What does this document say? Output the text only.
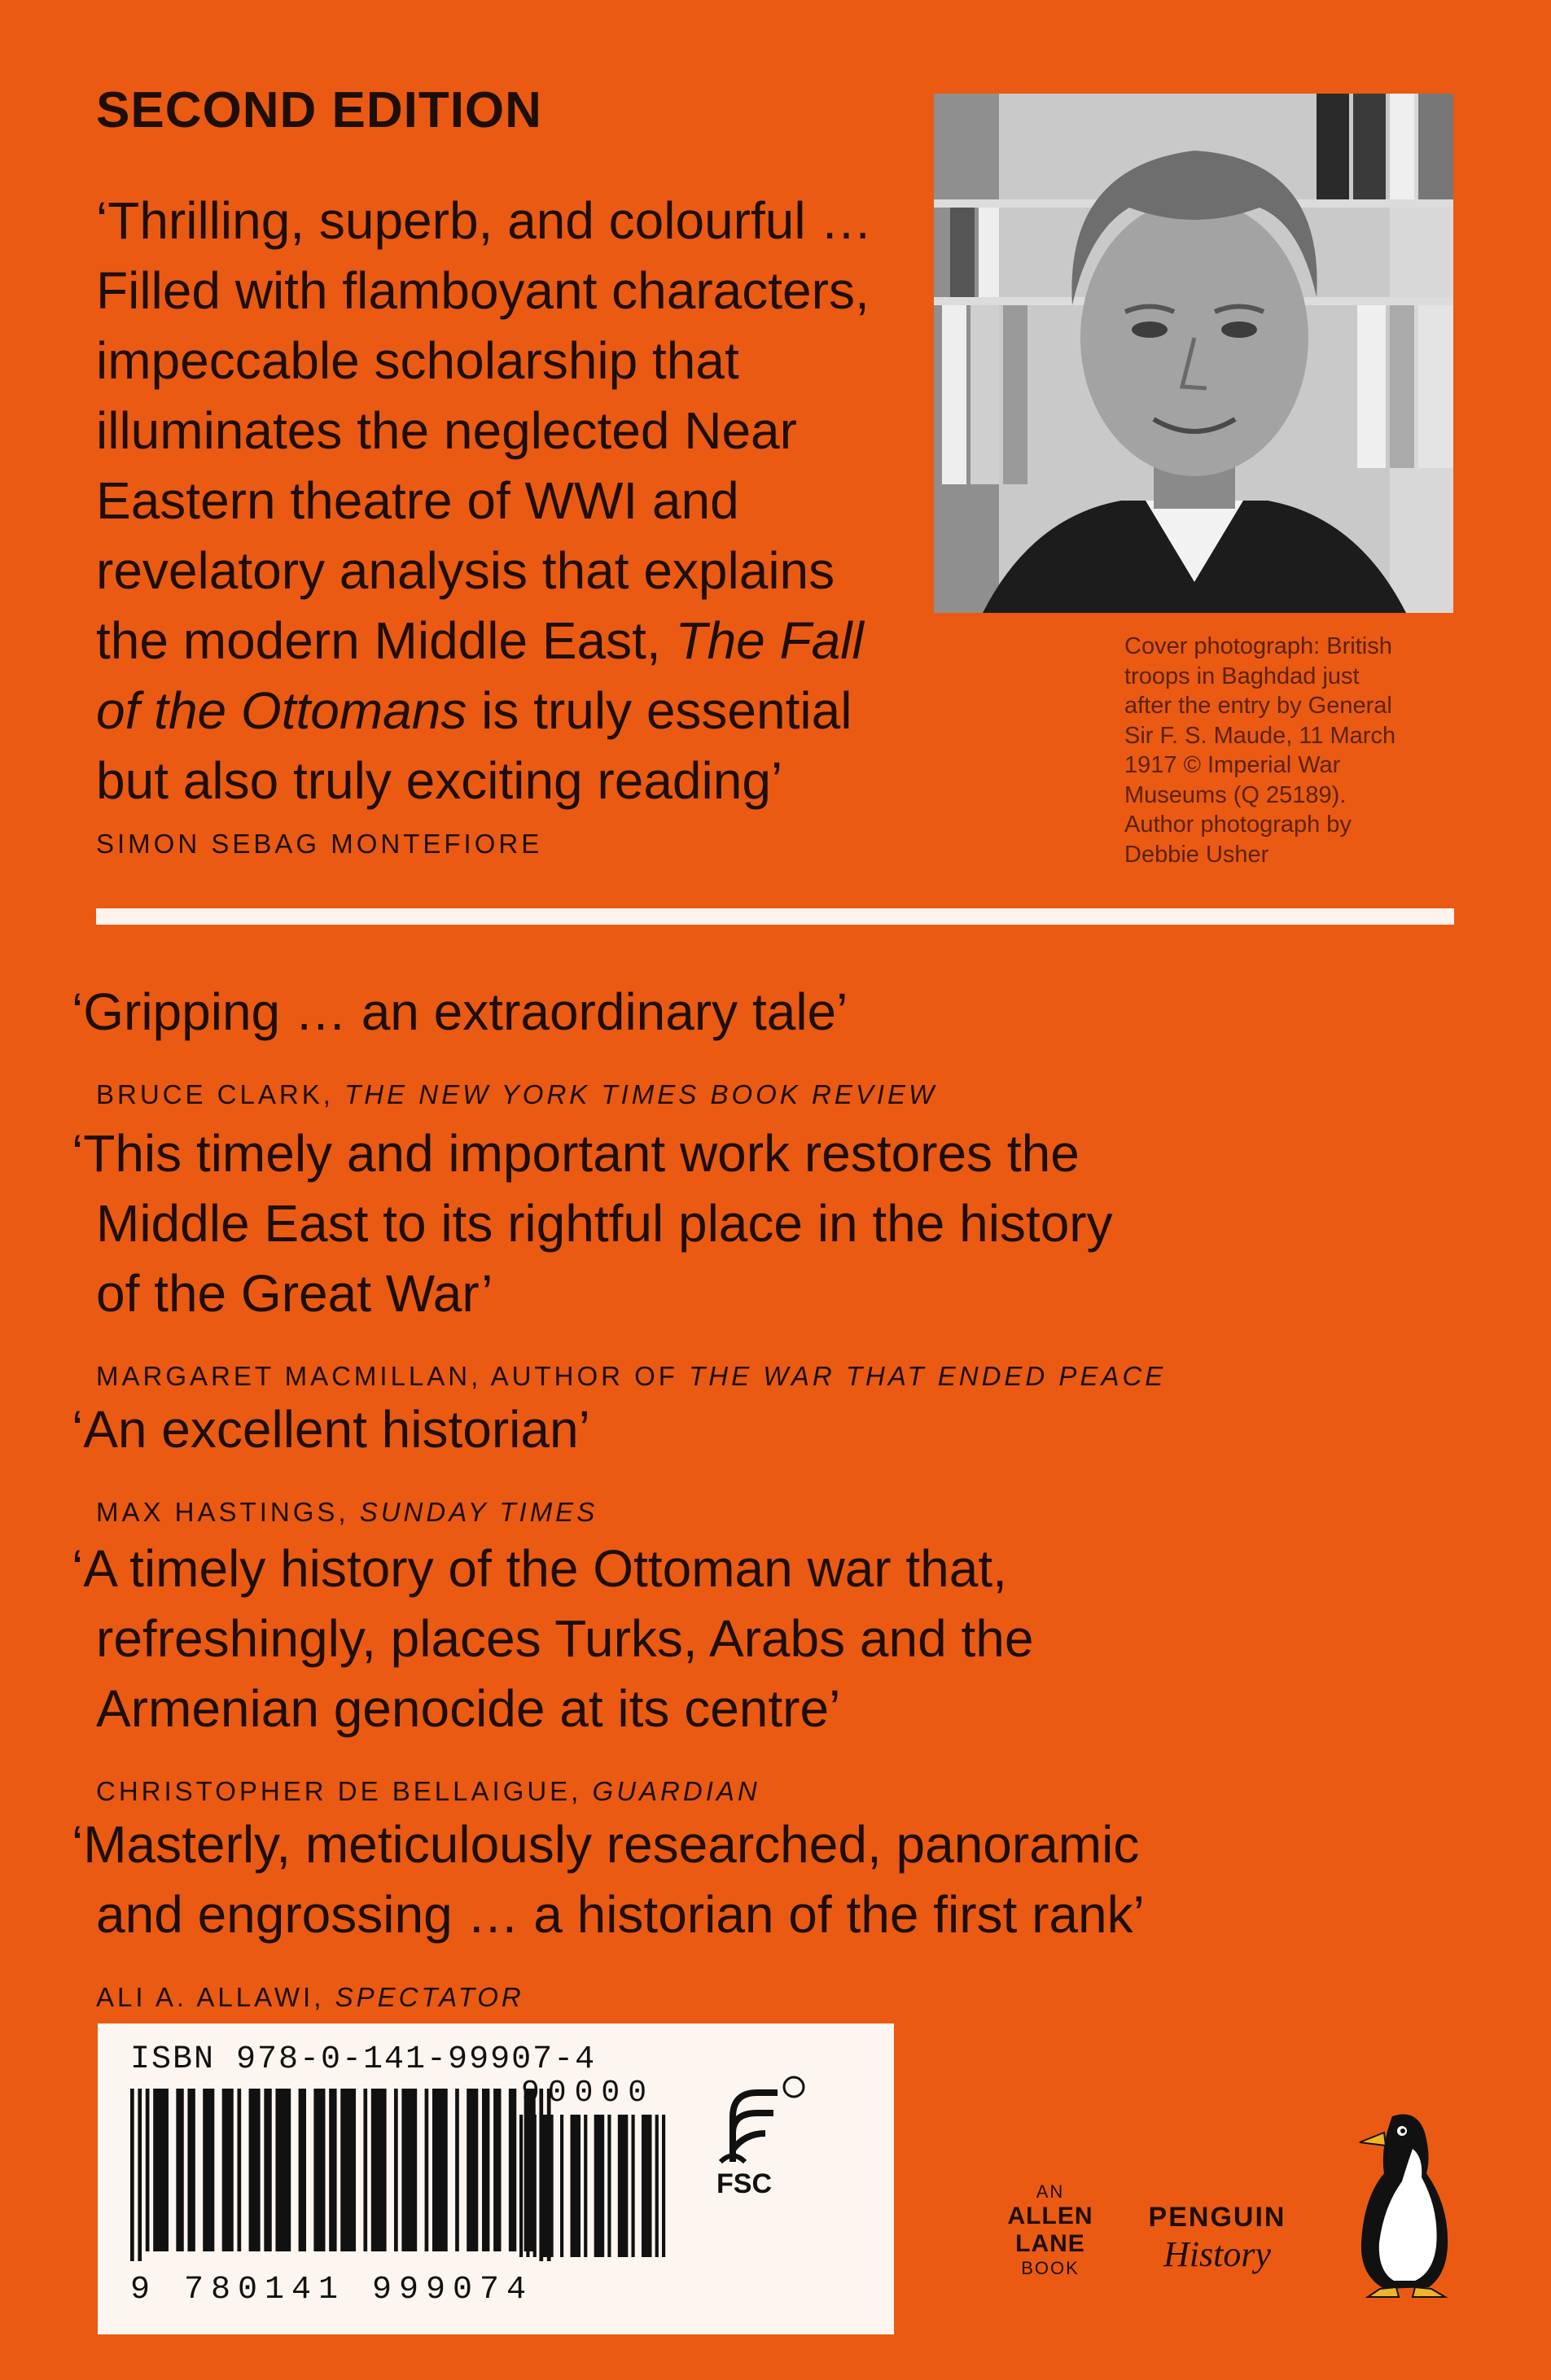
SECOND EDITION

‘Thrilling, superb, and colourful …

Filled with flamboyant characters,

impeccable scholarship that

illuminates the neglected Near

Eastern theatre of WWI and

revelatory analysis that explains

the modern Middle East, The Fall

of the Ottomans is truly essential

but also truly exciting reading’

SIMON SEBAG MONTEFIORE
Cover photograph: British
troops in Baghdad just
after the entry by General
Sir F. S. Maude, 11 March
1917 © Imperial War
Museums (Q 25189).
Author photograph by
Debbie Usher

‘Gripping … an extraordinary tale’

BRUCE CLARK, THE NEW YORK TIMES BOOK REVIEW

‘This timely and important work restores the

Middle East to its rightful place in the history

of the Great War’

MARGARET MACMILLAN, AUTHOR OF THE WAR THAT ENDED PEACE

‘An excellent historian’

MAX HASTINGS, SUNDAY TIMES

‘A timely history of the Ottoman war that,

refreshingly, places Turks, Arabs and the

Armenian genocide at its centre’

CHRISTOPHER DE BELLAIGUE, GUARDIAN

‘Masterly, meticulously researched, panoramic

and engrossing … a historian of the first rank’

ALI A. ALLAWI, SPECTATOR
ISBN 978-0-141-99907-4
90000
9 780141 999074
FSC	AN
ALLEN
LANE
BOOK
PENGUIN
History
